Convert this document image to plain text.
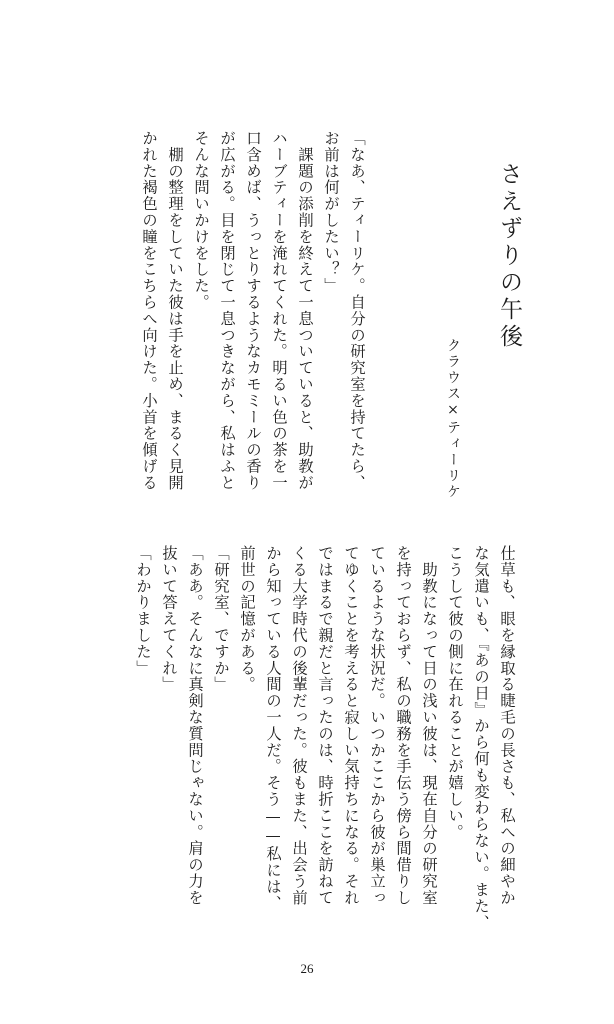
さえずりの午後
クラウス×ティーリケ
「なあ、ティーリケ。自分の研究室を持てたら、
お前は何がしたい？」
　課題の添削を終えて一息ついていると、助教が
ハーブティーを淹れてくれた。明るい色の茶を一
口含めば、うっとりするようなカモミールの香り
が広がる。目を閉じて一息つきながら、私はふと
そんな問いかけをした。
　棚の整理をしていた彼は手を止め、まるく見開
かれた褐色の瞳をこちらへ向けた。小首を傾げる
仕草も、眼を縁取る睫毛の長さも、私への細やか
な気遣いも、『あの日』から何も変わらない。また、
こうして彼の側に在れることが嬉しい。
　助教になって日の浅い彼は、現在自分の研究室
を持っておらず、私の職務を手伝う傍ら間借りし
ているような状況だ。いつかここから彼が巣立っ
てゆくことを考えると寂しい気持ちになる。それ
ではまるで親だと言ったのは、時折ここを訪ねて
くる大学時代の後輩だった。彼もまた、出会う前
から知っている人間の一人だ。そう——私には、
前世の記憶がある。
「研究室、ですか」
「ああ。そんなに真剣な質問じゃない。肩の力を
抜いて答えてくれ」
「わかりました」
26
